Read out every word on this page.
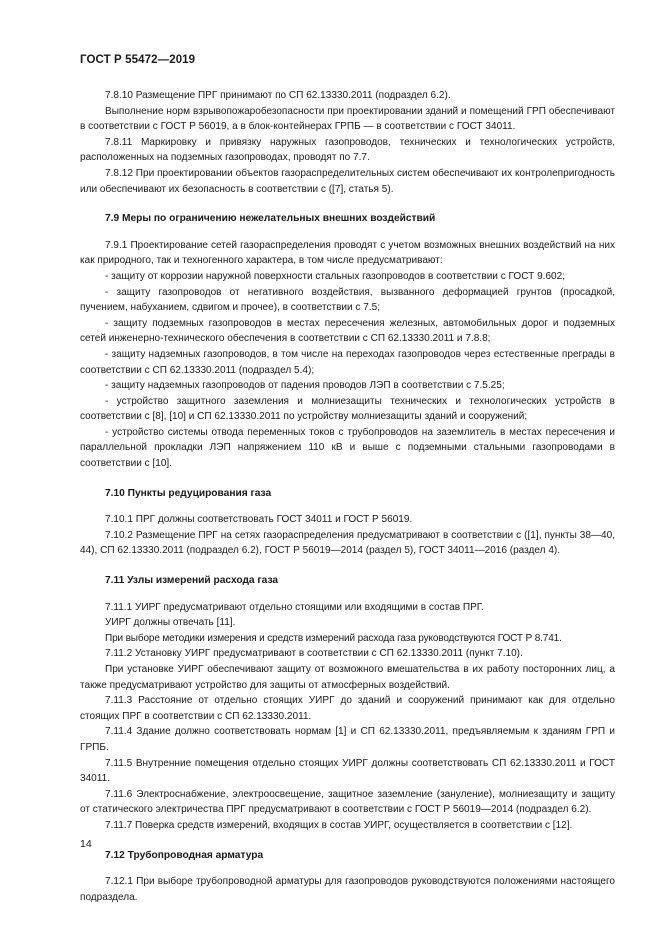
ГОСТ Р 55472—2019

7.8.10 Размещение ПРГ принимают по СП 62.13330.2011 (подраздел 6.2).

Выполнение норм взрывопожаробезопасности при проектировании зданий и помещений ГРП обеспечивают в соответствии с ГОСТ Р 56019, а в блок-контейнерах ГРПБ — в соответствии с ГОСТ 34011.

7.8.11 Маркировку и привязку наружных газопроводов, технических и технологических устройств, расположенных на подземных газопроводах, проводят по 7.7.

7.8.12 При проектировании объектов газораспределительных систем обеспечивают их контролепригодность или обеспечивают их безопасность в соответствии с ([7], статья 5).

7.9 Меры по ограничению нежелательных внешних воздействий

7.9.1 Проектирование сетей газораспределения проводят с учетом возможных внешних воздействий на них как природного, так и техногенного характера, в том числе предусматривают:

- защиту от коррозии наружной поверхности стальных газопроводов в соответствии с ГОСТ 9.602;

- защиту газопроводов от негативного воздействия, вызванного деформацией грунтов (просадкой, пучением, набуханием, сдвигом и прочее), в соответствии с 7.5;

- защиту подземных газопроводов в местах пересечения железных, автомобильных дорог и подземных сетей инженерно-технического обеспечения в соответствии с СП 62.13330.2011 и 7.8.8;

- защиту надземных газопроводов, в том числе на переходах газопроводов через естественные преграды в соответствии с СП 62.13330.2011 (подраздел 5.4);

- защиту надземных газопроводов от падения проводов ЛЭП в соответствии с 7.5.25;

- устройство защитного заземления и молниезащиты технических и технологических устройств в соответствии с [8], [10] и СП 62.13330.2011 по устройству молниезащиты зданий и сооружений;

- устройство системы отвода переменных токов с трубопроводов на заземлитель в местах пересечения и параллельной прокладки ЛЭП напряжением 110 кВ и выше с подземными стальными газопроводами в соответствии с [10].

7.10 Пункты редуцирования газа

7.10.1 ПРГ должны соответствовать ГОСТ 34011 и ГОСТ Р 56019.

7.10.2 Размещение ПРГ на сетях газораспределения предусматривают в соответствии с ([1], пункты 38—40, 44), СП 62.13330.2011 (подраздел 6.2), ГОСТ Р 56019—2014 (раздел 5), ГОСТ 34011—2016 (раздел 4).

7.11 Узлы измерений расхода газа

7.11.1 УИРГ предусматривают отдельно стоящими или входящими в состав ПРГ.

УИРГ должны отвечать [11].

При выборе методики измерения и средств измерений расхода газа руководствуются ГОСТ Р 8.741.

7.11.2 Установку УИРГ предусматривают в соответствии с СП 62.13330.2011 (пункт 7.10).

При установке УИРГ обеспечивают защиту от возможного вмешательства в их работу посторонних лиц, а также предусматривают устройство для защиты от атмосферных воздействий.

7.11.3 Расстояние от отдельно стоящих УИРГ до зданий и сооружений принимают как для отдельно стоящих ПРГ в соответствии с СП 62.13330.2011.

7.11.4 Здание должно соответствовать нормам [1] и СП 62.13330.2011, предъявляемым к зданиям ГРП и ГРПБ.

7.11.5 Внутренние помещения отдельно стоящих УИРГ должны соответствовать СП 62.13330.2011 и ГОСТ 34011.

7.11.6 Электроснабжение, электроосвещение, защитное заземление (зануление), молниезащиту и защиту от статического электричества ПРГ предусматривают в соответствии с ГОСТ Р 56019—2014 (подраздел 6.2).

7.11.7 Поверка средств измерений, входящих в состав УИРГ, осуществляется в соответствии с [12].

7.12 Трубопроводная арматура

7.12.1 При выборе трубопроводной арматуры для газопроводов руководствуются положениями настоящего подраздела.

14
